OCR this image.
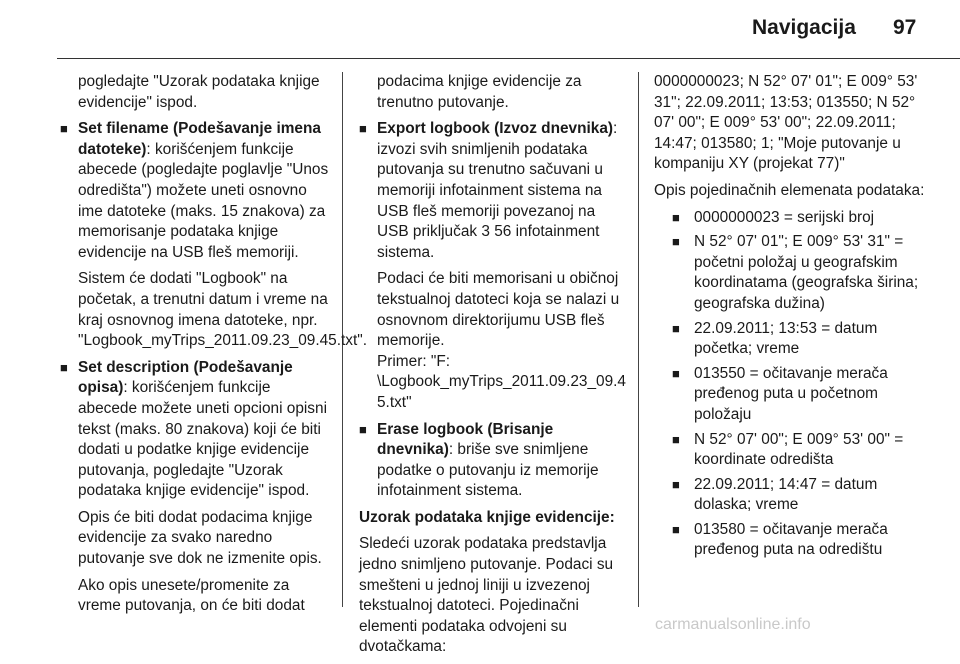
Navigacija 97

pogledajte "Uzorak podataka knjige evidencije" ispod.

■ Set filename (Podešavanje imena datoteke): korišćenjem funkcije abecede (pogledajte poglavlje "Unos odredišta") možete uneti osnovno ime datoteke (maks. 15 znakova) za memorisanje podataka knjige evidencije na USB fleš memoriji.

Sistem će dodati "Logbook" na početak, a trenutni datum i vreme na kraj osnovnog imena datoteke, npr. "Logbook_myTrips_2011.09.23_09.45.txt".

■ Set description (Podešavanje opisa): korišćenjem funkcije abecede možete uneti opcioni opisni tekst (maks. 80 znakova) koji će biti dodati u podatke knjige evidencije putovanja, pogledajte "Uzorak podataka knjige evidencije" ispod.

Opis će biti dodat podacima knjige evidencije za svako naredno putovanje sve dok ne izmenite opis.

Ako opis unesete/promenite za vreme putovanja, on će biti dodat

podacima knjige evidencije za trenutno putovanje.

■ Export logbook (Izvoz dnevnika): izvozi svih snimljenih podataka putovanja su trenutno sačuvani u memoriji infotainment sistema na USB fleš memoriji povezanoj na USB priključak 3 56 infotainment sistema.

Podaci će biti memorisani u običnoj tekstualnoj datoteci koja se nalazi u osnovnom direktorijumu USB fleš memorije.

Primer: "F:
\Logbook_myTrips_2011.09.23_09.45.txt"

■ Erase logbook (Brisanje dnevnika): briše sve snimljene podatke o putovanju iz memorije infotainment sistema.

Uzorak podataka knjige evidencije:

Sledeći uzorak podataka predstavlja jedno snimljeno putovanje. Podaci su smešteni u jednoj liniji u izvezenoj tekstualnoj datoteci. Pojedinačni elementi podataka odvojeni su dvotačkama:

0000000023; N 52° 07' 01"; E 009° 53' 31"; 22.09.2011; 13:53; 013550; N 52° 07' 00"; E 009° 53' 00"; 22.09.2011; 14:47; 013580; 1; "Moje putovanje u kompaniju XY (projekat 77)"

Opis pojedinačnih elemenata podataka:

■ 0000000023 = serijski broj
■ N 52° 07' 01"; E 009° 53' 31" = početni položaj u geografskim koordinatama (geografska širina; geografska dužina)
■ 22.09.2011; 13:53 = datum početka; vreme
■ 013550 = očitavanje merača pređenog puta u početnom položaju
■ N 52° 07' 00"; E 009° 53' 00" = koordinate odredišta
■ 22.09.2011; 14:47 = datum dolaska; vreme
■ 013580 = očitavanje merača pređenog puta na odredištu
carmanualsonline.info
